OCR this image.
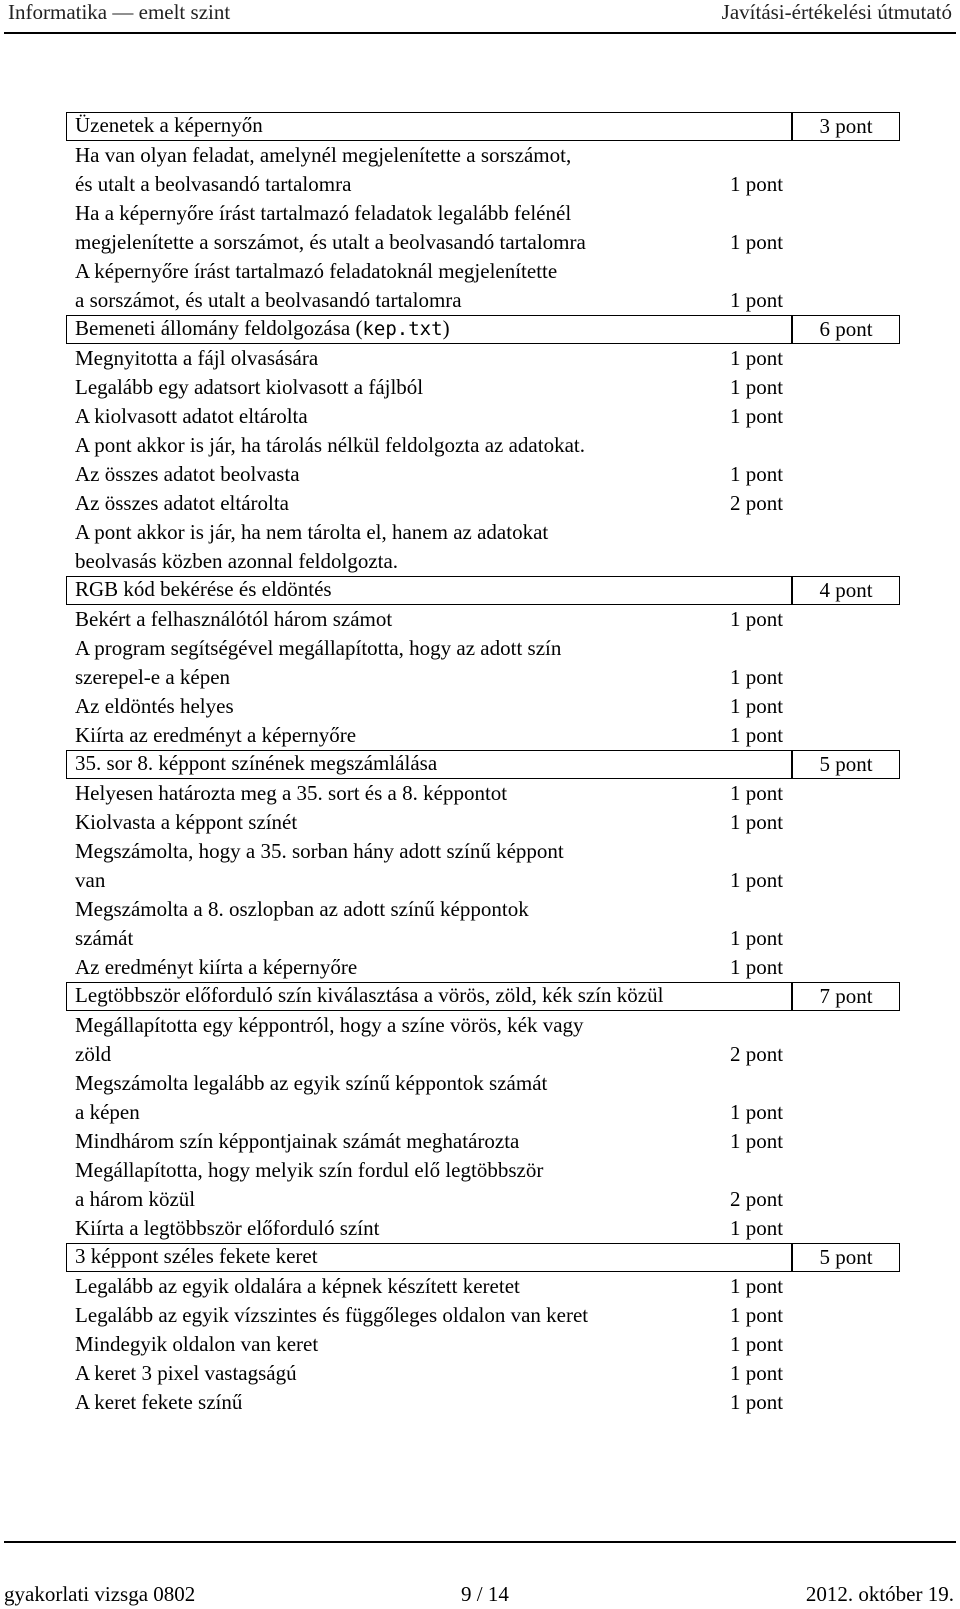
Informatika — emelt szint	Javítási-értékelési útmutató
Üzenetek a képernyőn	3 pont
Ha van olyan feladat, amelynél megjelenítette a sorszámot,
és utalt a beolvasandó tartalomra	1 pont
Ha a képernyőre írást tartalmazó feladatok legalább felénél
megjelenítette a sorszámot, és utalt a beolvasandó tartalomra	1 pont
A képernyőre írást tartalmazó feladatoknál megjelenítette
a sorszámot, és utalt a beolvasandó tartalomra	1 pont
Bemeneti állomány feldolgozása (kep.txt)	6 pont
Megnyitotta a fájl olvasására	1 pont
Legalább egy adatsort kiolvasott a fájlból	1 pont
A kiolvasott adatot eltárolta	1 pont
A pont akkor is jár, ha tárolás nélkül feldolgozta az adatokat.
Az összes adatot beolvasta	1 pont
Az összes adatot eltárolta	2 pont
A pont akkor is jár, ha nem tárolta el, hanem az adatokat
beolvasás közben azonnal feldolgozta.
RGB kód bekérése és eldöntés	4 pont
Bekért a felhasználótól három számot	1 pont
A program segítségével megállapította, hogy az adott szín
szerepel-e a képen	1 pont
Az eldöntés helyes	1 pont
Kiírta az eredményt a képernyőre	1 pont
35. sor 8. képpont színének megszámlálása	5 pont
Helyesen határozta meg a 35. sort és a 8. képpontot	1 pont
Kiolvasta a képpont színét	1 pont
Megszámolta, hogy a 35. sorban hány adott színű képpont
van	1 pont
Megszámolta a 8. oszlopban az adott színű képpontok
számát	1 pont
Az eredményt kiírta a képernyőre	1 pont
Legtöbbször előforduló szín kiválasztása a vörös, zöld, kék szín közül	7 pont
Megállapította egy képpontról, hogy a színe vörös, kék vagy
zöld	2 pont
Megszámolta legalább az egyik színű képpontok számát
a képen	1 pont
Mindhárom szín képpontjainak számát meghatározta	1 pont
Megállapította, hogy melyik szín fordul elő legtöbbször
a három közül	2 pont
Kiírta a legtöbbször előforduló színt	1 pont
3 képpont széles fekete keret	5 pont
Legalább az egyik oldalára a képnek készített keretet	1 pont
Legalább az egyik vízszintes és függőleges oldalon van keret	1 pont
Mindegyik oldalon van keret	1 pont
A keret 3 pixel vastagságú	1 pont
A keret fekete színű	1 pont
gyakorlati vizsga 0802	9 / 14	2012. október 19.
